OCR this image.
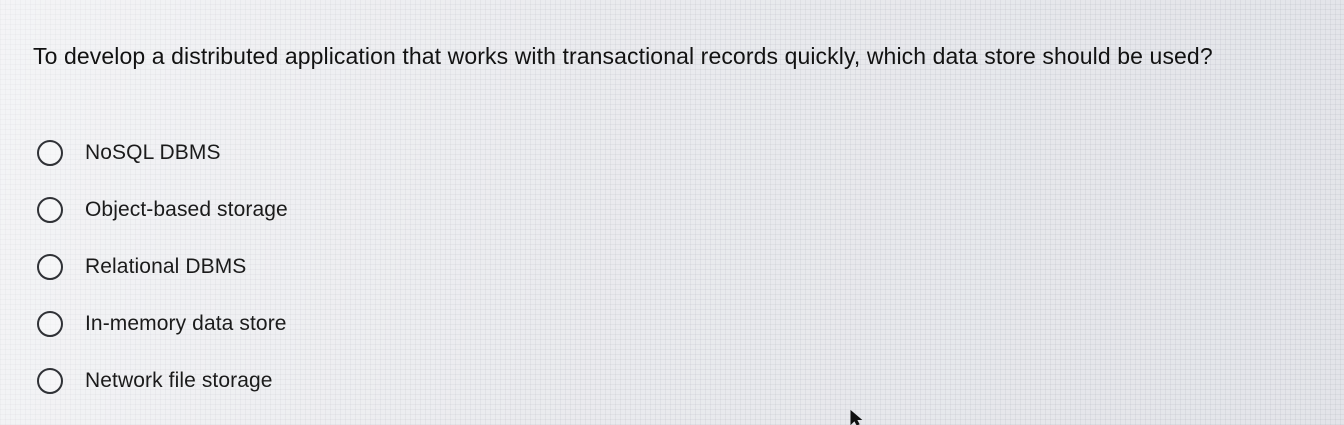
To develop a distributed application that works with transactional records quickly, which data store should be used?

NoSQL DBMS
Object-based storage
Relational DBMS
In-memory data store
Network file storage
